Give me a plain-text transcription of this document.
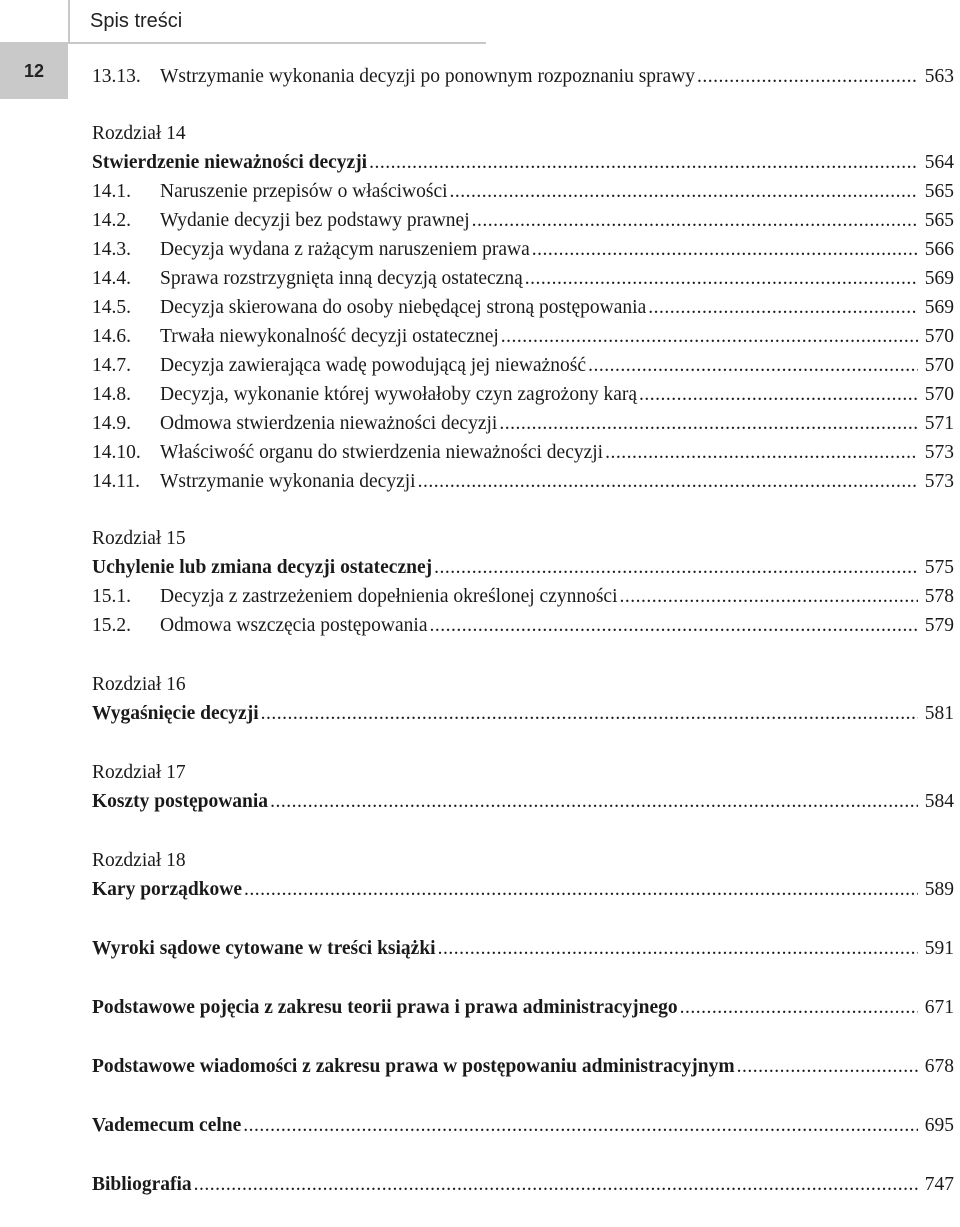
Spis treści
12 13.13. Wstrzymanie wykonania decyzji po ponownym rozpoznaniu sprawy .....	563
Rozdział 14
Stwierdzenie nieważności decyzji .....	564
14.1.	Naruszenie przepisów o właściwości .....	565
14.2.	Wydanie decyzji bez podstawy prawnej .....	565
14.3.	Decyzja wydana z rażącym naruszeniem prawa .....	566
14.4.	Sprawa rozstrzygnięta inną decyzją ostateczną .....	569
14.5.	Decyzja skierowana do osoby niebędącej stroną postępowania .....	569
14.6.	Trwała niewykonalność decyzji ostatecznej .....	570
14.7.	Decyzja zawierająca wadę powodującą jej nieważność .....	570
14.8.	Decyzja, wykonanie której wywołałoby czyn zagrożony karą .....	570
14.9.	Odmowa stwierdzenia nieważności decyzji .....	571
14.10. Właściwość organu do stwierdzenia nieważności decyzji .....	573
14.11.	Wstrzymanie wykonania decyzji .....	573
Rozdział 15
Uchylenie lub zmiana decyzji ostatecznej .....	575
15.1.	Decyzja z zastrzeżeniem dopełnienia określonej czynności .....	578
15.2.	Odmowa wszczęcia postępowania .....	579
Rozdział 16
Wygaśnięcie decyzji .....	581
Rozdział 17
Koszty postępowania .....	584
Rozdział 18
Kary porządkowe .....	589
Wyroki sądowe cytowane w treści książki .....	591
Podstawowe pojęcia z zakresu teorii prawa i prawa administracyjnego .....	671
Podstawowe wiadomości z zakresu prawa w postępowaniu administracyjnym .....	678
Vademecum celne .....	695
Bibliografia .....	747
